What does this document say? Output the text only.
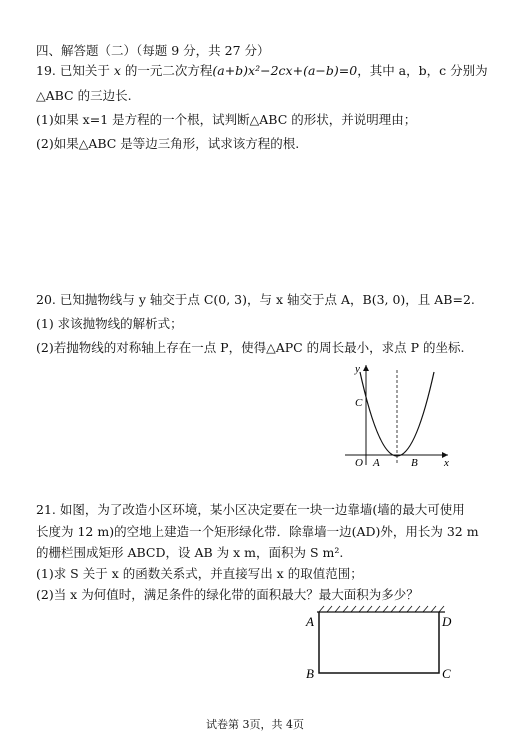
四、解答题（二）（每题 9 分，共 27 分）
19. 已知关于 x 的一元二次方程(a+b)x²−2cx+(a−b)=0，其中 a，b，c 分别为
△ABC 的三边长.
(1)如果 x=1 是方程的一个根，试判断△ABC 的形状，并说明理由；
(2)如果△ABC 是等边三角形，试求该方程的根.
20. 已知抛物线与 y 轴交于点 C(0, 3)，与 x 轴交于点 A，B(3, 0)，且 AB=2.
(1) 求该抛物线的解析式；
(2)若抛物线的对称轴上存在一点 P，使得△APC 的周长最小，求点 P 的坐标.
y
x
C
O A	B
21. 如图，为了改造小区环境，某小区决定要在一块一边靠墙(墙的最大可使用
长度为 12 m)的空地上建造一个矩形绿化带．除靠墙一边(AD)外，用长为 32 m
的栅栏围成矩形 ABCD，设 AB 为 x m，面积为 S m².
(1)求 S 关于 x 的函数关系式，并直接写出 x 的取值范围；
(2)当 x 为何值时，满足条件的绿化带的面积最大？最大面积为多少？
A	D
B	C
试卷第 3页，共 4页
